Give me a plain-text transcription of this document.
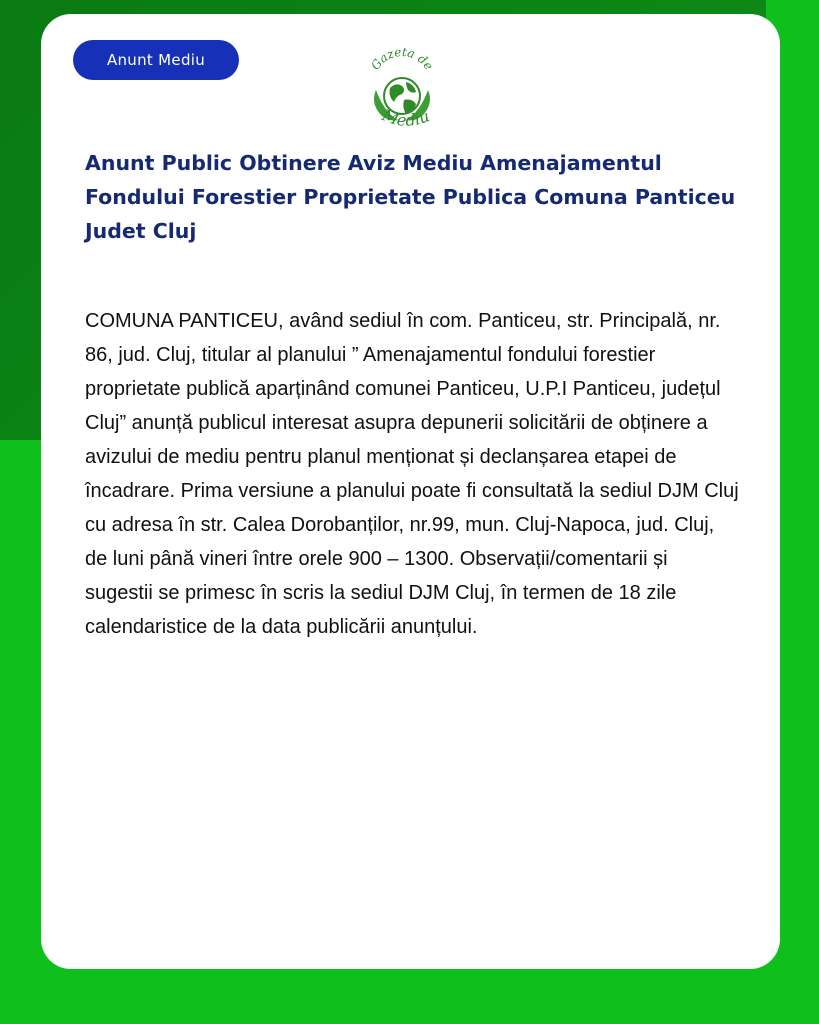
Anunt Mediu	Gazeta de
Mediu
Anunt Public Obtinere Aviz Mediu Amenajamentul Fondului Forestier Proprietate Publica Comuna Panticeu Judet Cluj

COMUNA PANTICEU, având sediul în com. Panticeu, str. Principală, nr. 86, jud. Cluj, titular al planului ” Amenajamentul fondului forestier proprietate publică aparținând comunei Panticeu, U.P.I Panticeu, județul Cluj” anunță publicul interesat asupra depunerii solicitării de obținere a avizului de mediu pentru planul menționat și declanșarea etapei de încadrare. Prima versiune a planului poate fi consultată la sediul DJM Cluj cu adresa în str. Calea Dorobanților, nr.99, mun. Cluj-Napoca, jud. Cluj, de luni până vineri între orele 900 – 1300. Observații/comentarii și sugestii se primesc în scris la sediul DJM Cluj, în termen de 18 zile calendaristice de la data publicării anunțului.
